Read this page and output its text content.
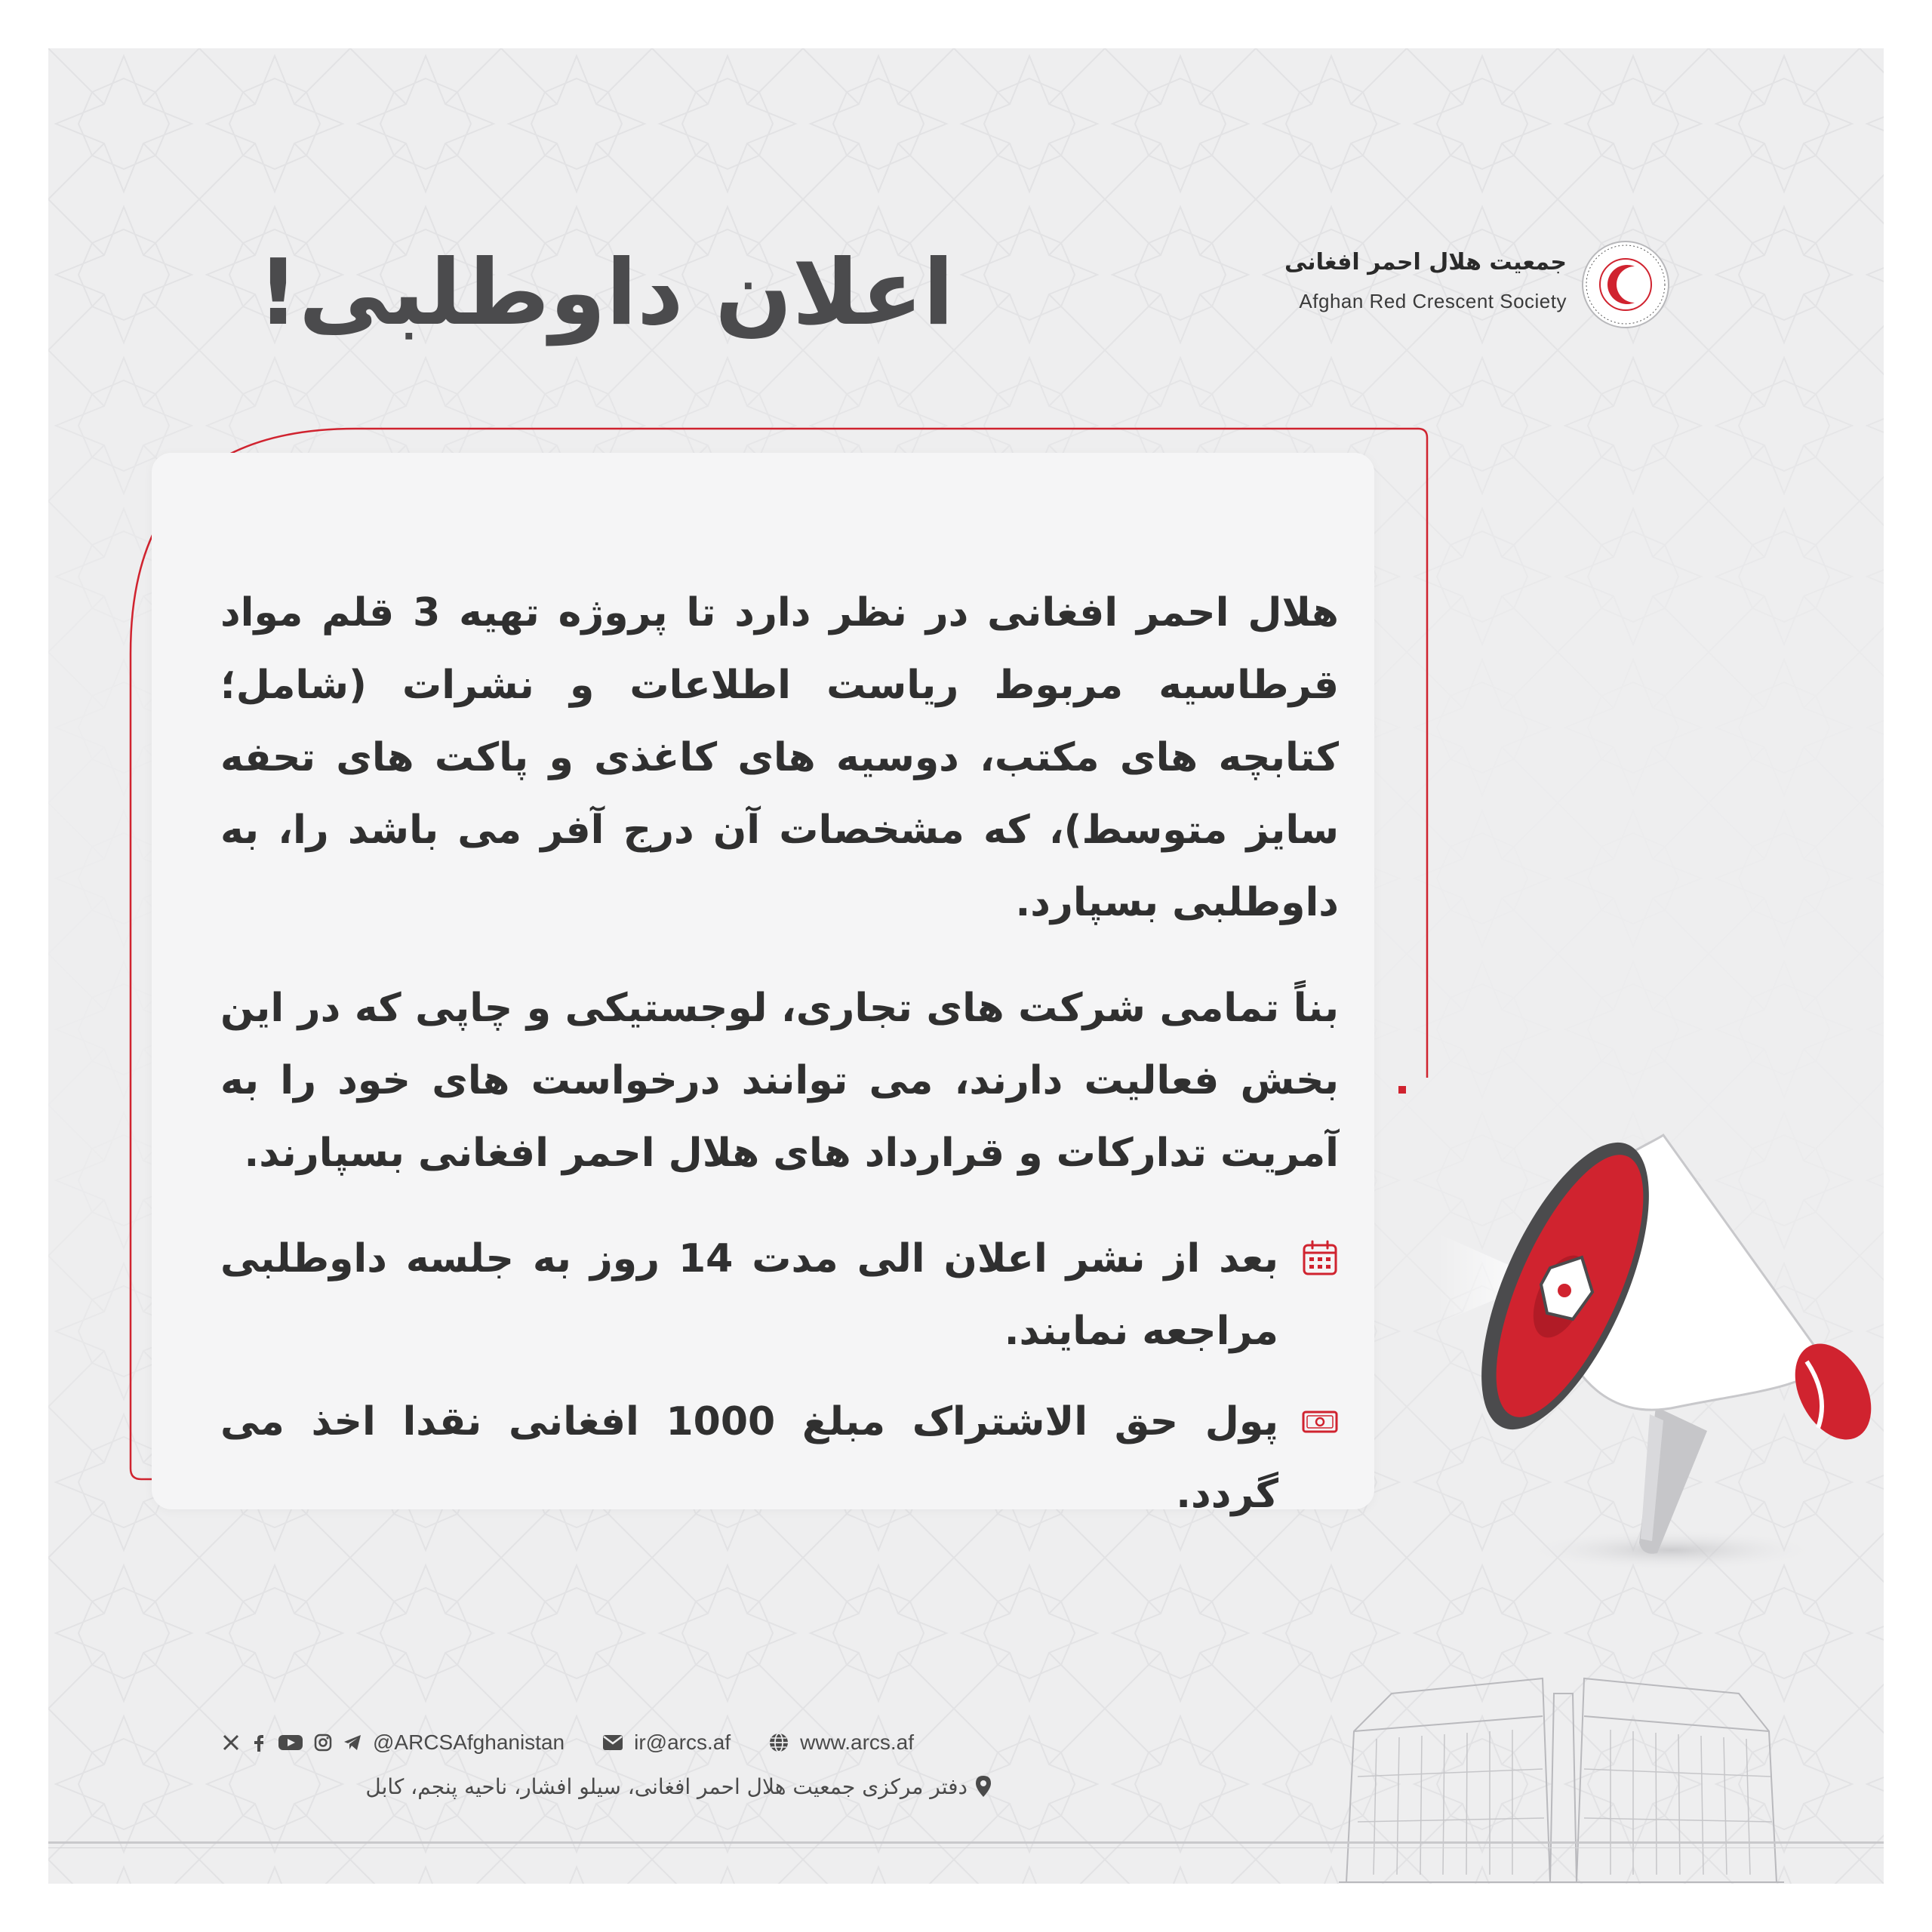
جمعیت هلال احمر افغانی
Afghan Red Crescent Society
اعلان داوطلبی!

هلال احمر افغانی در نظر دارد تا پروژه تهیه 3 قلم مواد قرطاسیه مربوط ریاست اطلاعات و نشرات (شامل؛ کتابچه های مکتب، دوسیه های کاغذی و پاکت های تحفه سایز متوسط)، که مشخصات آن درج آفر می باشد را، به داوطلبی بسپارد.

بناً تمامی شرکت های تجاری، لوجستیکی و چاپی که در این بخش فعالیت دارند، می توانند درخواست های خود را به آمریت تدارکات و قرارداد های هلال احمر افغانی بسپارند.

بعد از نشر اعلان الی مدت 14 روز به جلسه داوطلبی مراجعه نمایند.
پول حق الاشتراک مبلغ 1000 افغانی نقدا اخذ می گردد.
@ARCSAfghanistan	ir@arcs.af	www.arcs.af
دفتر مرکزی جمعیت هلال احمر افغانی، سیلو افشار، ناحیه پنجم، کابل
